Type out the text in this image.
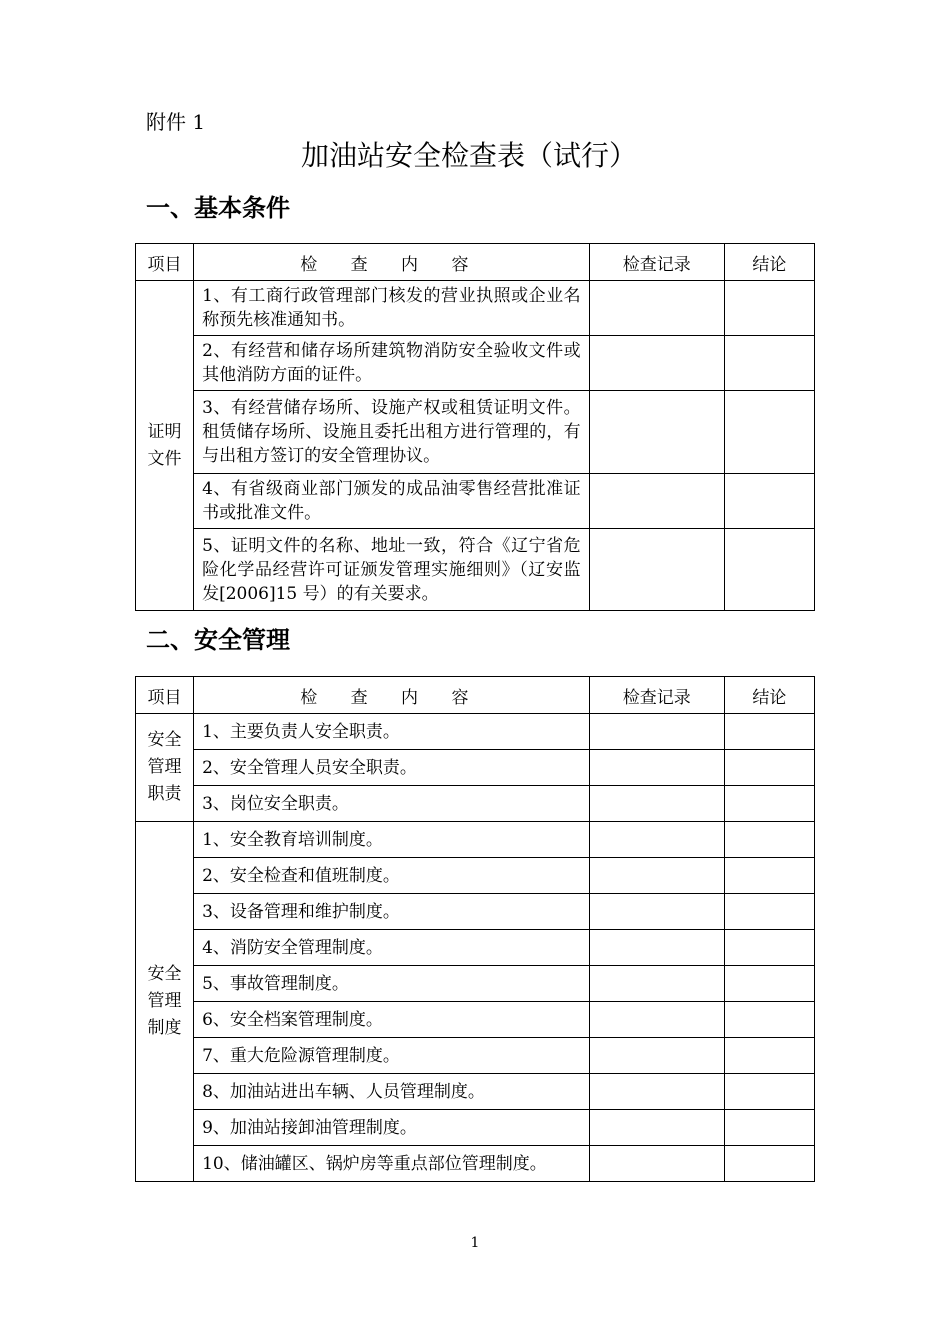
附件 1
加油站安全检查表（试行）
一、基本条件
项目	检 查 内 容	检查记录	结论
证明文件	1、有工商行政管理部门核发的营业执照或企业名称预先核准通知书。		
	2、有经营和储存场所建筑物消防安全验收文件或其他消防方面的证件。		
	3、有经营储存场所、设施产权或租赁证明文件。租赁储存场所、设施且委托出租方进行管理的，有与出租方签订的安全管理协议。		
	4、有省级商业部门颁发的成品油零售经营批准证书或批准文件。		
	5、证明文件的名称、地址一致，符合《辽宁省危险化学品经营许可证颁发管理实施细则》（辽安监发[2006]15 号）的有关要求。		
二、安全管理
项目	检 查 内 容	检查记录	结论
安全管理职责	1、主要负责人安全职责。		
	2、安全管理人员安全职责。		
	3、岗位安全职责。		
安全管理制度	1、安全教育培训制度。		
	2、安全检查和值班制度。		
	3、设备管理和维护制度。		
	4、消防安全管理制度。		
	5、事故管理制度。		
	6、安全档案管理制度。		
	7、重大危险源管理制度。		
	8、加油站进出车辆、人员管理制度。		
	9、加油站接卸油管理制度。		
	10、储油罐区、锅炉房等重点部位管理制度。		
1
